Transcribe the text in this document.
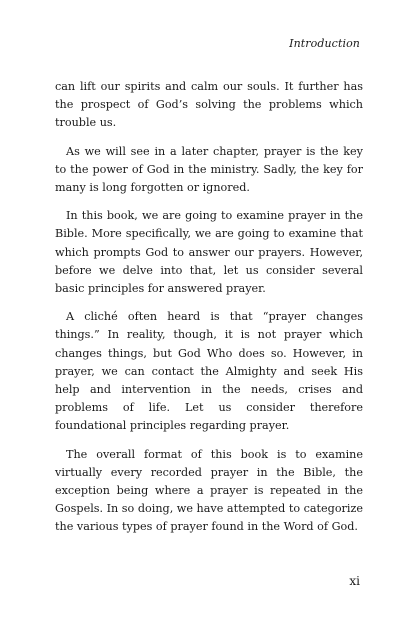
Introduction

can lift our spirits and calm our souls. It further has the prospect of God’s solving the problems which trouble us.

As we will see in a later chapter, prayer is the key to the power of God in the ministry. Sadly, the key for many is long forgotten or ignored.

In this book, we are going to examine prayer in the Bible. More specifically, we are going to examine that which prompts God to answer our prayers. However, before we delve into that, let us consider several basic principles for answered prayer.

A cliché often heard is that “prayer changes things.” In reality, though, it is not prayer which changes things, but God Who does so. However, in prayer, we can contact the Almighty and seek His help and intervention in the needs, crises and problems of life. Let us consider therefore foundational principles regarding prayer.

The overall format of this book is to examine virtually every recorded prayer in the Bible, the exception being where a prayer is repeated in the Gospels. In so doing, we have attempted to categorize the various types of prayer found in the Word of God.

xi
